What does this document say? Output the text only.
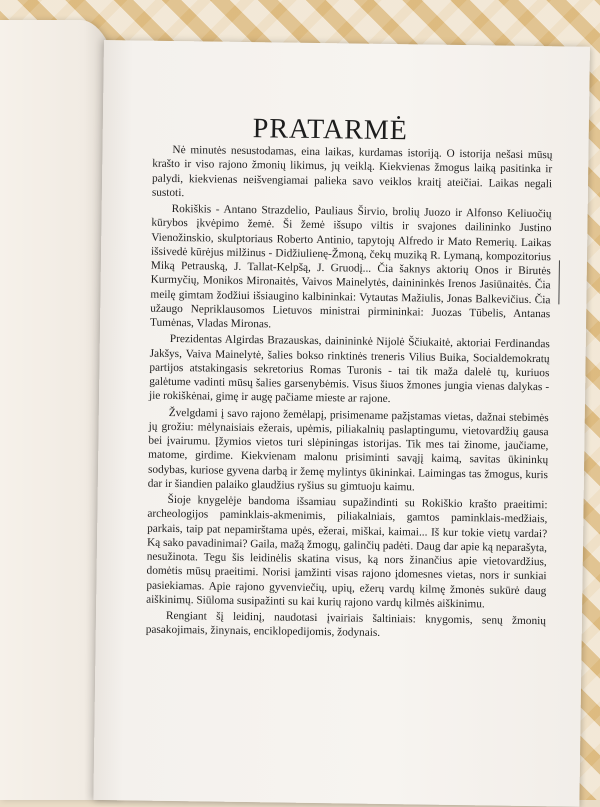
PRATARMĖ

Nė minutės nesustodamas, eina laikas, kurdamas istoriją. O istorija nešasi mūsų krašto ir viso rajono žmonių likimus, jų veiklą. Kiekvienas žmogus laiką pasitinka ir palydi, kiekvienas neišvengiamai palieka savo veiklos kraitį ateičiai. Laikas negali sustoti.

Rokiškis - Antano Strazdelio, Pauliaus Širvio, brolių Juozo ir Alfonso Keliuočių kūrybos įkvėpimo žemė. Ši žemė išsupo viltis ir svajones dailininko Justino Vienožinskio, skulptoriaus Roberto Antinio, tapytojų Alfredo ir Mato Remerių. Laikas išsivedė kūrėjus milžinus - Didžiulienę-Žmoną, čekų muziką R. Lymaną, kompozitorius Miką Petrauską, J. Tallat-Kelpšą, J. Gruodį... Čia šaknys aktorių Onos ir Birutės Kurmyčių, Monikos Mironaitės, Vaivos Mainelytės, dainininkės Irenos Jasiūnaitės. Čia meilę gimtam žodžiui išsiaugino kalbininkai: Vytautas Mažiulis, Jonas Balkevičius. Čia užaugo Nepriklausomos Lietuvos ministrai pirmininkai: Juozas Tūbelis, Antanas Tumėnas, Vladas Mironas.

Prezidentas Algirdas Brazauskas, dainininkė Nijolė Ščiukaitė, aktoriai Ferdinandas Jakšys, Vaiva Mainelytė, šalies bokso rinktinės treneris Vilius Buika, Socialdemokratų partijos atstakingasis sekretorius Romas Turonis - tai tik maža dalelė tų, kuriuos galėtume vadinti mūsų šalies garsenybėmis. Visus šiuos žmones jungia vienas dalykas - jie rokiškėnai, gimę ir augę pačiame mieste ar rajone.

Žvelgdami į savo rajono žemėlapį, prisimename pažįstamas vietas, dažnai stebimės jų grožiu: mėlynaisiais ežerais, upėmis, piliakalnių paslaptingumu, vietovardžių gausa bei įvairumu. Įžymios vietos turi slėpiningas istorijas. Tik mes tai žinome, jaučiame, matome, girdime. Kiekvienam malonu prisiminti savąjį kaimą, savitas ūkininkų sodybas, kuriose gyvena darbą ir žemę mylintys ūkininkai. Laimingas tas žmogus, kuris dar ir šiandien palaiko glaudžius ryšius su gimtuoju kaimu.

Šioje knygelėje bandoma išsamiau supažindinti su Rokiškio krašto praeitimi: archeologijos paminklais-akmenimis, piliakalniais, gamtos paminklais-medžiais, parkais, taip pat nepamirštama upės, ežerai, miškai, kaimai... Iš kur tokie vietų vardai? Ką sako pavadinimai? Gaila, mažą žmogų, galinčių padėti. Daug dar apie ką neparašyta, nesužinota. Tegu šis leidinėlis skatina visus, ką nors žinančius apie vietovardžius, domėtis mūsų praeitimi. Norisi įamžinti visas rajono įdomesnes vietas, nors ir sunkiai pasiekiamas. Apie rajono gyvenviečių, upių, ežerų vardų kilmę žmonės sukūrė daug aiškinimų. Siūloma susipažinti su kai kurių rajono vardų kilmės aiškinimu.

Rengiant šį leidinį, naudotasi įvairiais šaltiniais: knygomis, senų žmonių pasakojimais, žinynais, enciklopedijomis, žodynais.
